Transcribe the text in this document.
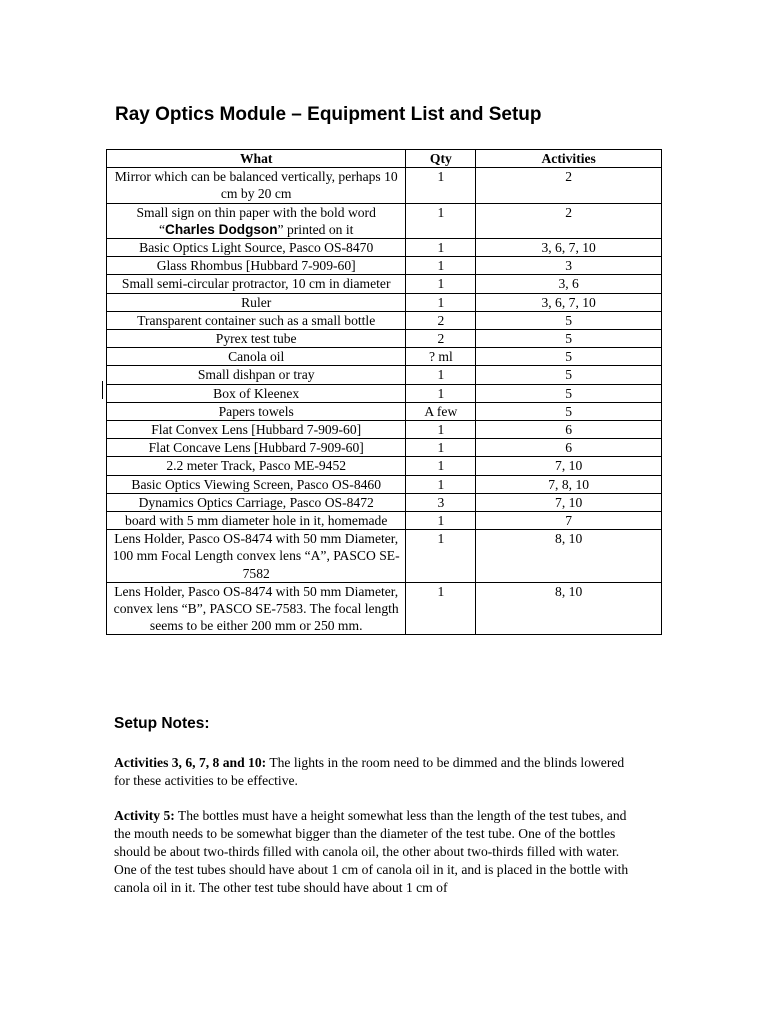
Ray Optics Module – Equipment List and Setup
What	Qty	Activities
Mirror which can be balanced vertically, perhaps 10 cm by 20 cm	1	2
Small sign on thin paper with the bold word “Charles Dodgson” printed on it	1	2
Basic Optics Light Source, Pasco OS-8470	1	3, 6, 7, 10
Glass Rhombus [Hubbard 7-909-60]	1	3
Small semi-circular protractor, 10 cm in diameter	1	3, 6
Ruler	1	3, 6, 7, 10
Transparent container such as a small bottle	2	5
Pyrex test tube	2	5
Canola oil	? ml	5
Small dishpan or tray	1	5
Box of Kleenex	1	5
Papers towels	A few	5
Flat Convex Lens [Hubbard 7-909-60]	1	6
Flat Concave Lens [Hubbard 7-909-60]	1	6
2.2 meter Track, Pasco ME-9452	1	7, 10
Basic Optics Viewing Screen, Pasco OS-8460	1	7, 8, 10
Dynamics Optics Carriage, Pasco OS-8472	3	7, 10
board with 5 mm diameter hole in it, homemade	1	7
Lens Holder, Pasco OS-8474 with 50 mm Diameter, 100 mm Focal Length convex lens “A”, PASCO SE-7582	1	8, 10
Lens Holder, Pasco OS-8474 with 50 mm Diameter, convex lens “B”, PASCO SE-7583. The focal length seems to be either 200 mm or 250 mm.	1	8, 10
Setup Notes:

Activities 3, 6, 7, 8 and 10: The lights in the room need to be dimmed and the blinds lowered for these activities to be effective.

Activity 5: The bottles must have a height somewhat less than the length of the test tubes, and the mouth needs to be somewhat bigger than the diameter of the test tube. One of the bottles should be about two-thirds filled with canola oil, the other about two-thirds filled with water. One of the test tubes should have about 1 cm of canola oil in it, and is placed in the bottle with canola oil in it. The other test tube should have about 1 cm of
